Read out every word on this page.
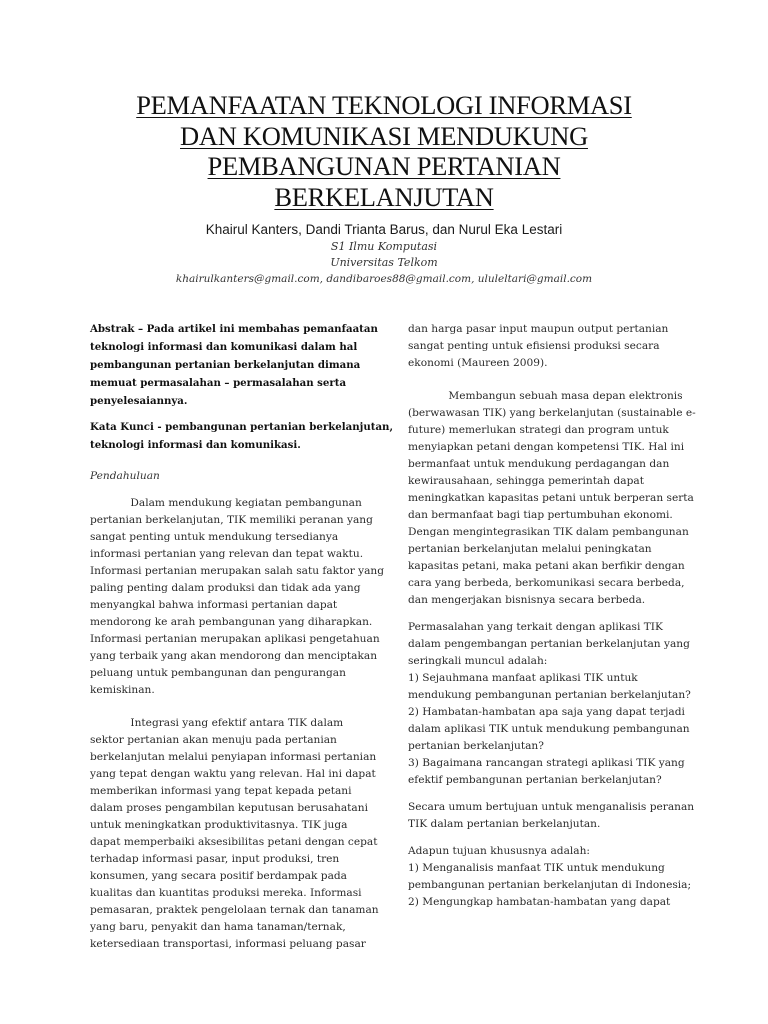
PEMANFAATAN TEKNOLOGI INFORMASI
DAN KOMUNIKASI MENDUKUNG
PEMBANGUNAN PERTANIAN
BERKELANJUTAN
Khairul Kanters, Dandi Trianta Barus, dan Nurul Eka Lestari
S1 Ilmu Komputasi
Universitas Telkom
khairulkanters@gmail.com, dandibaroes88@gmail.com, ululeltari@gmail.com
Abstrak – Pada artikel ini membahas pemanfaatan
teknologi informasi dan komunikasi dalam hal
pembangunan pertanian berkelanjutan dimana
memuat permasalahan – permasalahan serta
penyelesaiannya.
Kata Kunci - pembangunan pertanian berkelanjutan,
teknologi informasi dan komunikasi.
Pendahuluan
Dalam mendukung kegiatan pembangunan
pertanian berkelanjutan, TIK memiliki peranan yang
sangat penting untuk mendukung tersedianya
informasi pertanian yang relevan dan tepat waktu.
Informasi pertanian merupakan salah satu faktor yang
paling penting dalam produksi dan tidak ada yang
menyangkal bahwa informasi pertanian dapat
mendorong ke arah pembangunan yang diharapkan.
Informasi pertanian merupakan aplikasi pengetahuan
yang terbaik yang akan mendorong dan menciptakan
peluang untuk pembangunan dan pengurangan
kemiskinan.
Integrasi yang efektif antara TIK dalam
sektor pertanian akan menuju pada pertanian
berkelanjutan melalui penyiapan informasi pertanian
yang tepat dengan waktu yang relevan. Hal ini dapat
memberikan informasi yang tepat kepada petani
dalam proses pengambilan keputusan berusahatani
untuk meningkatkan produktivitasnya. TIK juga
dapat memperbaiki aksesibilitas petani dengan cepat
terhadap informasi pasar, input produksi, tren
konsumen, yang secara positif berdampak pada
kualitas dan kuantitas produksi mereka. Informasi
pemasaran, praktek pengelolaan ternak dan tanaman
yang baru, penyakit dan hama tanaman/ternak,
ketersediaan transportasi, informasi peluang pasar
dan harga pasar input maupun output pertanian
sangat penting untuk efisiensi produksi secara
ekonomi (Maureen 2009).
Membangun sebuah masa depan elektronis
(berwawasan TIK) yang berkelanjutan (sustainable e-
future) memerlukan strategi dan program untuk
menyiapkan petani dengan kompetensi TIK. Hal ini
bermanfaat untuk mendukung perdagangan dan
kewirausahaan, sehingga pemerintah dapat
meningkatkan kapasitas petani untuk berperan serta
dan bermanfaat bagi tiap pertumbuhan ekonomi.
Dengan mengintegrasikan TIK dalam pembangunan
pertanian berkelanjutan melalui peningkatan
kapasitas petani, maka petani akan berfikir dengan
cara yang berbeda, berkomunikasi secara berbeda,
dan mengerjakan bisnisnya secara berbeda.
Permasalahan yang terkait dengan aplikasi TIK
dalam pengembangan pertanian berkelanjutan yang
seringkali muncul adalah:
1) Sejauhmana manfaat aplikasi TIK untuk
mendukung pembangunan pertanian berkelanjutan?
2) Hambatan-hambatan apa saja yang dapat terjadi
dalam aplikasi TIK untuk mendukung pembangunan
pertanian berkelanjutan?
3) Bagaimana rancangan strategi aplikasi TIK yang
efektif pembangunan pertanian berkelanjutan?
Secara umum bertujuan untuk menganalisis peranan
TIK dalam pertanian berkelanjutan.
Adapun tujuan khususnya adalah:
1) Menganalisis manfaat TIK untuk mendukung
pembangunan pertanian berkelanjutan di Indonesia;
2) Mengungkap hambatan-hambatan yang dapat
